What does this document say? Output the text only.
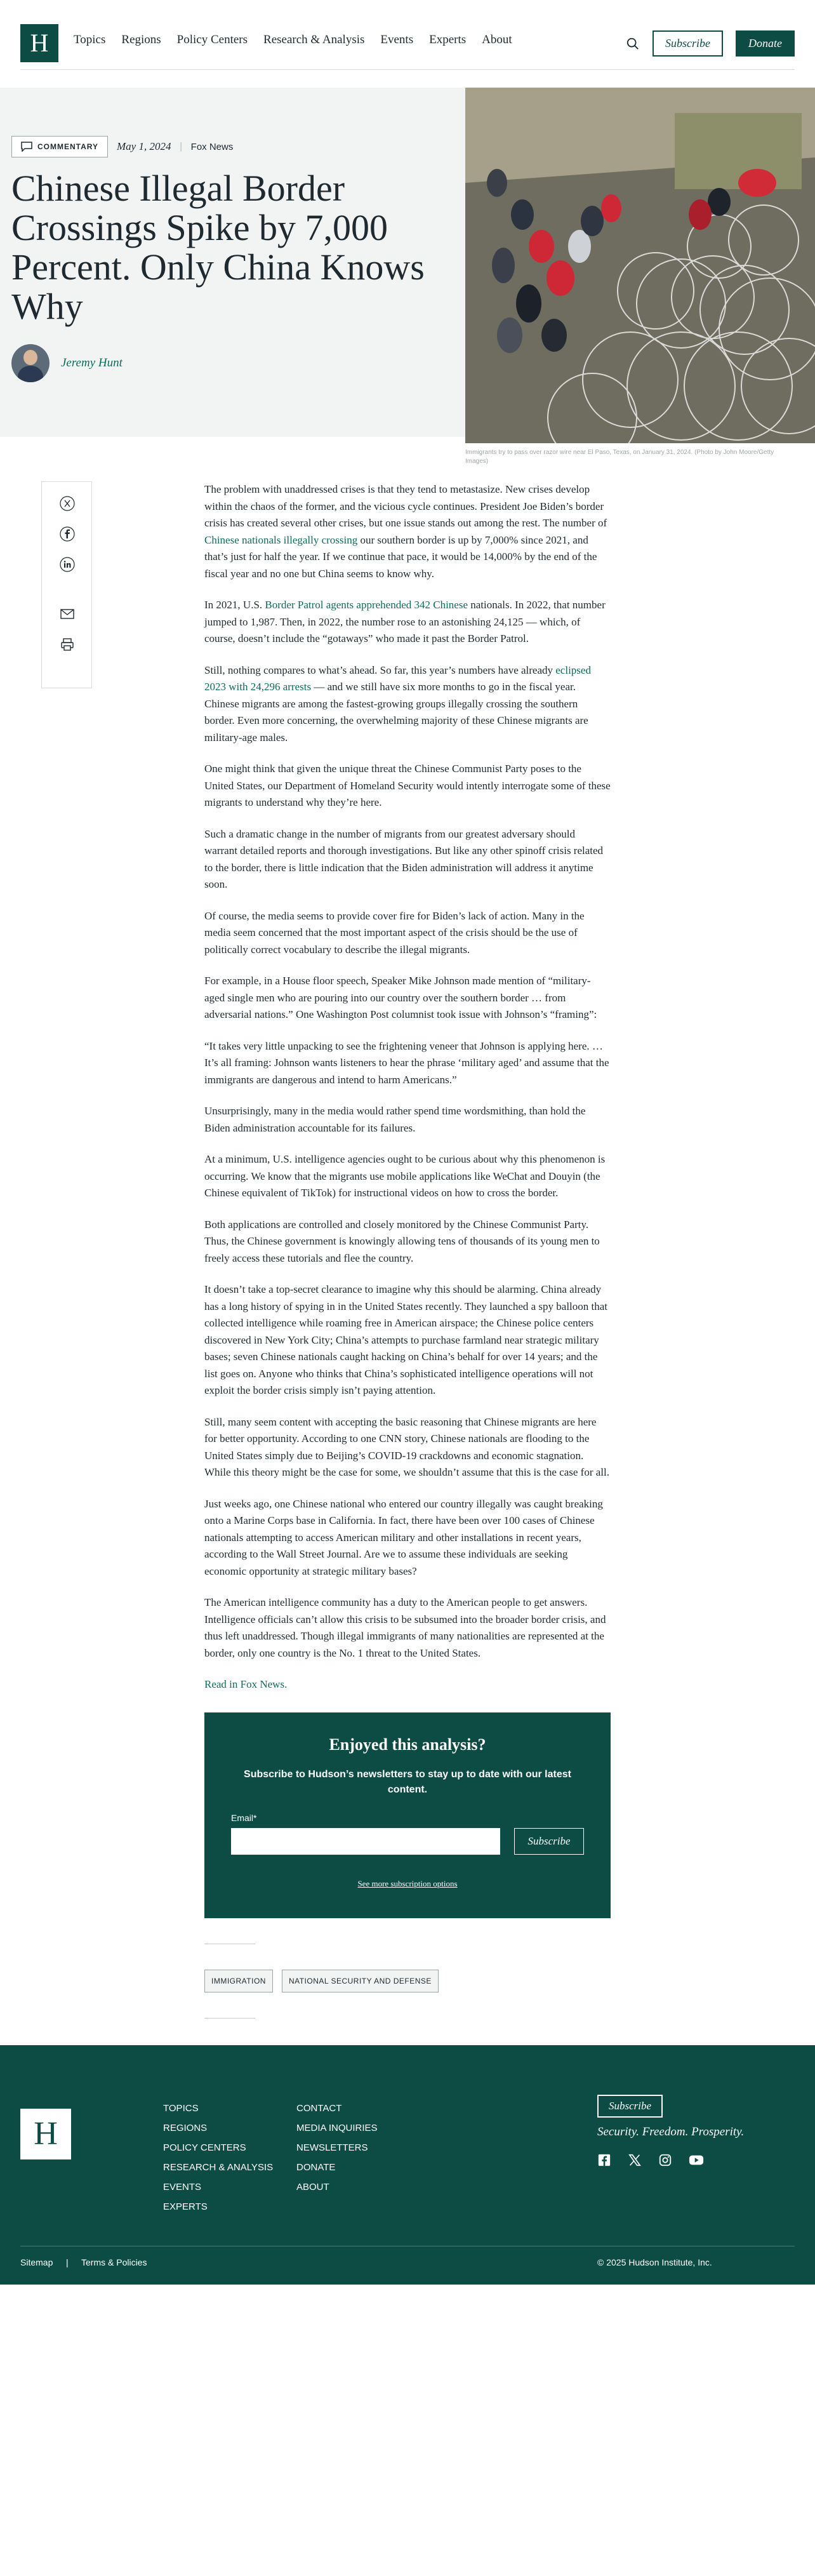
H	Topics Regions Policy Centers Research & Analysis Events Experts About	Subscribe	Donate
COMMENTARY May 1, 2024 | Fox News
Chinese Illegal Border Crossings Spike by 7,000 Percent. Only China Knows Why
Jeremy Hunt

Immigrants try to pass over razor wire near El Paso, Texas, on January 31, 2024. (Photo by John Moore/Getty Images)

The problem with unaddressed crises is that they tend to metastasize. New crises develop within the chaos of the former, and the vicious cycle continues. President Joe Biden’s border crisis has created several other crises, but one issue stands out among the rest. The number of Chinese nationals illegally crossing our southern border is up by 7,000% since 2021, and that’s just for half the year. If we continue that pace, it would be 14,000% by the end of the fiscal year and no one but China seems to know why.

In 2021, U.S. Border Patrol agents apprehended 342 Chinese nationals. In 2022, that number jumped to 1,987. Then, in 2022, the number rose to an astonishing 24,125 — which, of course, doesn’t include the “gotaways” who made it past the Border Patrol.

Still, nothing compares to what’s ahead. So far, this year’s numbers have already eclipsed 2023 with 24,296 arrests — and we still have six more months to go in the fiscal year. Chinese migrants are among the fastest-growing groups illegally crossing the southern border. Even more concerning, the overwhelming majority of these Chinese migrants are military-age males.

One might think that given the unique threat the Chinese Communist Party poses to the United States, our Department of Homeland Security would intently interrogate some of these migrants to understand why they’re here.

Such a dramatic change in the number of migrants from our greatest adversary should warrant detailed reports and thorough investigations. But like any other spinoff crisis related to the border, there is little indication that the Biden administration will address it anytime soon.

Of course, the media seems to provide cover fire for Biden’s lack of action. Many in the media seem concerned that the most important aspect of the crisis should be the use of politically correct vocabulary to describe the illegal migrants.

For example, in a House floor speech, Speaker Mike Johnson made mention of “military-aged single men who are pouring into our country over the southern border … from adversarial nations.” One Washington Post columnist took issue with Johnson’s “framing”:

“It takes very little unpacking to see the frightening veneer that Johnson is applying here. … It’s all framing: Johnson wants listeners to hear the phrase ‘military aged’ and assume that the immigrants are dangerous and intend to harm Americans.”

Unsurprisingly, many in the media would rather spend time wordsmithing, than hold the Biden administration accountable for its failures.

At a minimum, U.S. intelligence agencies ought to be curious about why this phenomenon is occurring. We know that the migrants use mobile applications like WeChat and Douyin (the Chinese equivalent of TikTok) for instructional videos on how to cross the border.

Both applications are controlled and closely monitored by the Chinese Communist Party. Thus, the Chinese government is knowingly allowing tens of thousands of its young men to freely access these tutorials and flee the country.

It doesn’t take a top-secret clearance to imagine why this should be alarming. China already has a long history of spying in in the United States recently. They launched a spy balloon that collected intelligence while roaming free in American airspace; the Chinese police centers discovered in New York City; China’s attempts to purchase farmland near strategic military bases; seven Chinese nationals caught hacking on China’s behalf for over 14 years; and the list goes on. Anyone who thinks that China’s sophisticated intelligence operations will not exploit the border crisis simply isn’t paying attention.

Still, many seem content with accepting the basic reasoning that Chinese migrants are here for better opportunity. According to one CNN story, Chinese nationals are flooding to the United States simply due to Beijing’s COVID-19 crackdowns and economic stagnation. While this theory might be the case for some, we shouldn’t assume that this is the case for all.

Just weeks ago, one Chinese national who entered our country illegally was caught breaking onto a Marine Corps base in California. In fact, there have been over 100 cases of Chinese nationals attempting to access American military and other installations in recent years, according to the Wall Street Journal. Are we to assume these individuals are seeking economic opportunity at strategic military bases?

The American intelligence community has a duty to the American people to get answers. Intelligence officials can’t allow this crisis to be subsumed into the broader border crisis, and thus left unaddressed. Though illegal immigrants of many nationalities are represented at the border, only one country is the No. 1 threat to the United States.

Read in Fox News.

Enjoyed this analysis?

Subscribe to Hudson’s newsletters to stay up to date with our latest content.

Email*
Subscribe
See more subscription options
IMMIGRATION	NATIONAL SECURITY AND DEFENSE
H
TOPICS
REGIONS
POLICY CENTERS
RESEARCH & ANALYSIS
EVENTS
EXPERTS
CONTACT
MEDIA INQUIRIES
NEWSLETTERS
DONATE
ABOUT
Subscribe

Security. Freedom. Prosperity.

Sitemap | Terms & Policies	© 2025 Hudson Institute, Inc.
